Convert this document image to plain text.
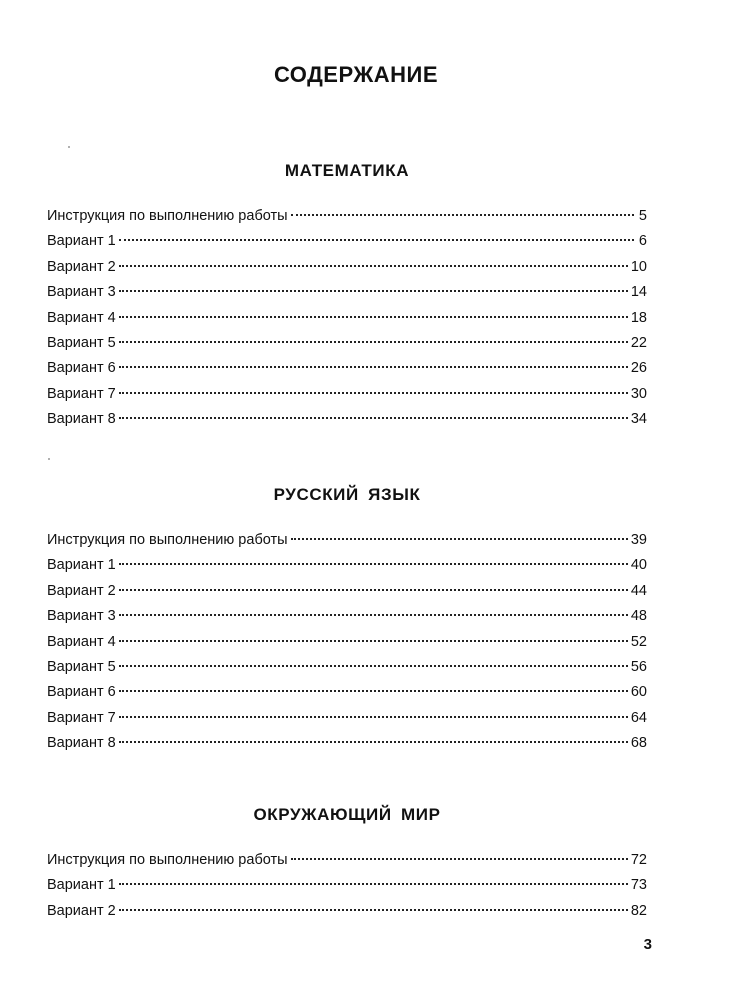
СОДЕРЖАНИЕ
МАТЕМАТИКА
Инструкция по выполнению работы	5
Вариант 1	6
Вариант 2	10
Вариант 3	14
Вариант 4	18
Вариант 5	22
Вариант 6	26
Вариант 7	30
Вариант 8	34
РУССКИЙ ЯЗЫК
Инструкция по выполнению работы	39
Вариант 1	40
Вариант 2	44
Вариант 3	48
Вариант 4	52
Вариант 5	56
Вариант 6	60
Вариант 7	64
Вариант 8	68
ОКРУЖАЮЩИЙ МИР
Инструкция по выполнению работы	72
Вариант 1	73
Вариант 2	82
3
